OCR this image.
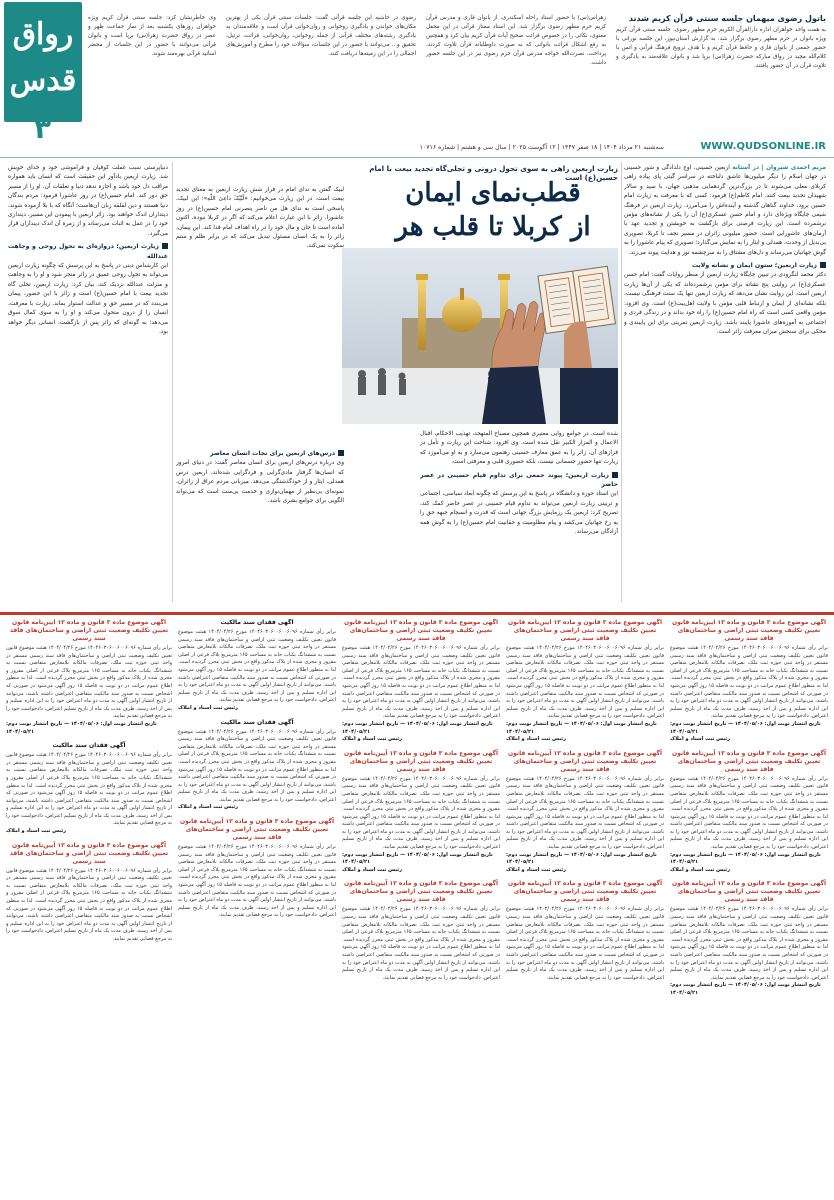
رواق
قدس
۳
باتول رضوی میهمان جلسه سنتی قرآن کریم شدند
به همت واحد خواهران اداره دارالقرآن الکریم حرم مطهر رضوی، جلسه سنتی قرآن کریم ویژه بانوان در حرم مطهر رضوی برگزار شد. به گزارش آستان‌نیوز، این جلسه نورانی با حضور جمعی از بانوان قاری و حافظ قرآن کریم و با هدف ترویج فرهنگ قرآنی و انس با کلام‌الله مجید در رواق مبارکه حضرت زهرا(س) برپا شد و بانوان علاقه‌مند به یادگیری و تلاوت قرآن در آن حضور یافتند.
زهراس(س) با حضور استاد راحله اسکندری، از بانوان قاری و مدرس قرآن کریم حرم مطهر رضوی برگزار شد. این استاد ممتاز قرآنی در این محفل معنوی، نکاتی را در خصوص قرائت صحیح آیات قرآن کریم بیان کرد و همچنین به رفع اشکال قرائت بانوانی که به صورت داوطلبانه قرآن تلاوت کردند، پرداخت. نصرت‌الله خواجه مدرس قرآن حرم رضوی نیز در این جلسه حضور داشت.
رضوی در حاشیه این جلسه قرآنی گفت: جلسات سنتی قرآن یکی از بهترین مکان‌های خواندن و یادگیری روخوانی و روان‌خوانی قرآن است و علاقه‌مندان به یادگیری رشته‌های مختلف قرآنی از جمله روخوانی، روان‌خوانی، قرائت، ترتیل، تحقیق و... می‌توانند با حضور در این جلسات، سؤالات خود را مطرح و آموزش‌های اجمالی را در این زمینه‌ها دریافت کنند.
وی خاطرنشان کرد: جلسه سنتی قرآن کریم ویژه خواهران روزهای یکشنبه بعد از نماز جماعت ظهر و عصر در رواق حضرت زهرا(س) برپا است و بانوان قرآنی می‌توانند با حضور در این جلسات از محضر اساتید قرآنی بهره‌مند شوند.
WWW.QUDSONLINE.IR
سه‌شنبه ۲۱ مرداد ۱۴۰۴ | ۱۸ صفر ۱۴۴۷ | ۱۲ آگوست ۲۰۲۵ | سال سی و هشتم | شماره ۱۰۷۱۶
مریم احمدی شیروان | در آستانه اربعین حسینی، اوج دلدادگی و شور حسینی در جهان اسلام را دیگر میلیون‌ها عاشق دلباخته در سراسر گیتی پای پیاده راهی کربلای معلی می‌شوند تا در بزرگ‌ترین گردهمایی مذهبی جهان، با سید و سالار شهیدان تجدید بیعت کنند. امام کاظم(ع) فرمود: کسی که با معرفت به زیارت امام حسین برود، خداوند گناهان گذشته و آینده‌اش را می‌آمرزد. زیارت اربعین در فرهنگ شیعی جایگاه ویژه‌ای دارد و امام حسن عسکری(ع) آن را یکی از نشانه‌های مؤمن برشمرده است. این زیارت فرصتی برای بازگشت به خویشتن و تجدید عهد با آرمان‌های عاشورایی است. حضور میلیونی زائران در مسیر نجف تا کربلا، تصویری بی‌بدیل از وحدت، همدلی و ایثار را به نمایش می‌گذارد؛ تصویری که پیام عاشورا را به گوش جهانیان می‌رساند و دل‌های مشتاق را به سرچشمه نور و هدایت پیوند می‌زند.
زیارت اربعین؛ ستون ایمان و نشانه ولایت
دکتر محمد لنگرودی در تبیین جایگاه زیارت اربعین از منظر روایات گفت: امام حسن عسکری(ع) در روایتی پنج نشانه برای مؤمن برشمرده‌اند که یکی از آن‌ها زیارت اربعین است. این روایت نشان می‌دهد که زیارت اربعین تنها یک سنت فرهنگی نیست، بلکه نشانه‌ای از ایمان و ارتباط قلبی مؤمن با ولایت اهل‌بیت(ع) است. وی افزود: مؤمن واقعی کسی است که راه امام حسین(ع) را راه خود بداند و در زندگی فردی و اجتماعی به آموزه‌های عاشورا پایبند باشد. زیارت اربعین تمرینی برای این پایبندی و محکی برای سنجش میزان معرفت زائر است.
زیارت اربعین راهی به سوی تحول درونی و تجلی‌گاه تجدید بیعت با امام حسین(ع) است
قطب‌نمای ایمان
از کربلا تا قلب هر
لبیک گفتن به ندای امام در فراز شش زیارت اربعین به معنای تجدید بیعت است. در این زیارت می‌خوانیم: «لَبَّیْکَ داعِیَ اللّهِ»؛ این لبیک، پاسخی است به ندای هل من ناصر ینصرنی امام حسین(ع) در روز عاشورا. زائر با این عبارت اعلام می‌کند که اگر در کربلا نبوده، اکنون آماده است تا جان و مال خود را در راه اهداف امام فدا کند. این پیمان، زائر را به یک انسان مسئول تبدیل می‌کند که در برابر ظلم و ستم سکوت نمی‌کند.
دنیاپرستی سبب غفلت کوفیان و فراموشی خود و خدای خویش شد. زیارت اربعین یادآور این حقیقت است که انسان باید همواره مراقب دل خود باشد و اجازه ندهد دنیا و تعلقات آن، او را از مسیر حق دور کند. امام حسین(ع) در روز عاشورا فرمود: مردم بندگان دنیا هستند و دین لقلقه زبان آن‌هاست؛ آنگاه که با بلا آزموده شوند، دینداران اندک خواهند بود. زائر اربعین با پیمودن این مسیر، دینداری خود را در عمل به اثبات می‌رساند و از زمره آن اندک دینداران قرار می‌گیرد.
زیارت اربعین؛ دروازه‌ای به تحول روحی و وجاهت عندالله
این کارشناس دینی در پاسخ به این پرسش که چگونه زیارت اربعین می‌تواند به تحول روحی عمیق در زائر منجر شود و او را به وجاهت و منزلت عندالله نزدیک کند، بیان کرد: زیارت اربعین، تجلی گاه تجدید بیعت با امام حسین(ع) است و زائر با این حضور، پیمان می‌بندد که در مسیر حق و عدالت استوار بماند. زیارت با معرفت، انسان را از درون متحول می‌کند و او را به سوی کمال سوق می‌دهد؛ به گونه‌ای که زائر پس از بازگشت، انسانی دیگر خواهد بود.
شده است. در جوامع روایی معتبری همچون مصباح المتهجد، تهذیب الاحکام، اقبال الاعمال و المزار الکبیر نقل شده است. وی افزود: شناخت این زیارت و تأمل در فرازهای آن، زائر را به عمق معارف حسینی رهنمون می‌سازد و به او می‌آموزد که زیارت تنها حضور جسمانی نیست، بلکه حضوری قلبی و معرفتی است.
زیارت اربعین؛ پیوند جمعی برای تداوم قیام حسینی در عصر حاضر
این استاد حوزه و دانشگاه در پاسخ به این پرسش که چگونه ابعاد سیاسی، اجتماعی و تربیتی زیارت اربعین می‌تواند به تداوم قیام حسینی در عصر حاضر کمک کند، تصریح کرد: اربعین یک رزمایش بزرگ جهانی است که قدرت و انسجام جبهه حق را به رخ جهانیان می‌کشد و پیام مظلومیت و حقانیت امام حسین(ع) را به گوش همه آزادگان می‌رساند.
درس‌های اربعین برای نجات انسان معاصر
وی درباره درس‌های اربعین برای انسان معاصر گفت: در دنیای امروز که انسان‌ها گرفتار مادی‌گرایی و فردگرایی شده‌اند، اربعین درس همدلی، ایثار و از خودگذشتگی می‌دهد. میزبانی مردم عراق از زائران، نمونه‌ای بی‌نظیر از مهمان‌نوازی و خدمت بی‌منت است که می‌تواند الگویی برای جوامع بشری باشد.
آگهی موضوع ماده ۳ قانون و ماده ۱۳ آیین‌نامه قانون تعیین تکلیف وضعیت ثبتی اراضی و ساختمان‌های فاقد سند رسمی
برابر رأی شماره ۱۴۰۴۶۰۳۰۶۰۰۶۰۰۶۰۹۶ مورخ ۱۴۰۴/۰۴/۲۶ هیئت موضوع قانون تعیین تکلیف وضعیت ثبتی اراضی و ساختمان‌های فاقد سند رسمی مستقر در واحد ثبتی حوزه ثبت ملک، تصرفات مالکانه بلامعارض متقاضی نسبت به ششدانگ یکباب خانه به مساحت ۱۶۵ مترمربع پلاک فرعی از اصلی مفروز و مجزی شده از پلاک مذکور واقع در بخش ثبتی محرز گردیده است. لذا به منظور اطلاع عموم مراتب در دو نوبت به فاصله ۱۵ روز آگهی می‌شود در صورتی که اشخاص نسبت به صدور سند مالکیت متقاضی اعتراضی داشته باشند، می‌توانند از تاریخ انتشار اولین آگهی به مدت دو ماه اعتراض خود را به این اداره تسلیم و پس از اخذ رسید، ظرف مدت یک ماه از تاریخ تسلیم اعتراض، دادخواست خود را به مرجع قضایی تقدیم نمایند.
تاریخ انتشار نوبت اول: ۱۴۰۴/۰۵/۰۶ — تاریخ انتشار نوبت دوم: ۱۴۰۴/۰۵/۲۱
رئیس ثبت اسناد و املاک
آگهی موضوع ماده ۳ قانون و ماده ۱۳ آیین‌نامه قانون تعیین تکلیف وضعیت ثبتی اراضی و ساختمان‌های فاقد سند رسمی
برابر رأی شماره ۱۴۰۴۶۰۳۰۶۰۰۶۰۰۶۰۹۶ مورخ ۱۴۰۴/۰۴/۲۶ هیئت موضوع قانون تعیین تکلیف وضعیت ثبتی اراضی و ساختمان‌های فاقد سند رسمی مستقر در واحد ثبتی حوزه ثبت ملک، تصرفات مالکانه بلامعارض متقاضی نسبت به ششدانگ یکباب خانه به مساحت ۱۶۵ مترمربع پلاک فرعی از اصلی مفروز و مجزی شده از پلاک مذکور واقع در بخش ثبتی محرز گردیده است. لذا به منظور اطلاع عموم مراتب در دو نوبت به فاصله ۱۵ روز آگهی می‌شود در صورتی که اشخاص نسبت به صدور سند مالکیت متقاضی اعتراضی داشته باشند، می‌توانند از تاریخ انتشار اولین آگهی به مدت دو ماه اعتراض خود را به این اداره تسلیم و پس از اخذ رسید، ظرف مدت یک ماه از تاریخ تسلیم اعتراض، دادخواست خود را به مرجع قضایی تقدیم نمایند.
تاریخ انتشار نوبت اول: ۱۴۰۴/۰۵/۰۶ — تاریخ انتشار نوبت دوم: ۱۴۰۴/۰۵/۲۱
رئیس ثبت اسناد و املاک
آگهی موضوع ماده ۳ قانون و ماده ۱۳ آیین‌نامه قانون تعیین تکلیف وضعیت ثبتی اراضی و ساختمان‌های فاقد سند رسمی
برابر رأی شماره ۱۴۰۴۶۰۳۰۶۰۰۶۰۰۶۰۹۶ مورخ ۱۴۰۴/۰۴/۲۶ هیئت موضوع قانون تعیین تکلیف وضعیت ثبتی اراضی و ساختمان‌های فاقد سند رسمی مستقر در واحد ثبتی حوزه ثبت ملک، تصرفات مالکانه بلامعارض متقاضی نسبت به ششدانگ یکباب خانه به مساحت ۱۶۵ مترمربع پلاک فرعی از اصلی مفروز و مجزی شده از پلاک مذکور واقع در بخش ثبتی محرز گردیده است. لذا به منظور اطلاع عموم مراتب در دو نوبت به فاصله ۱۵ روز آگهی می‌شود در صورتی که اشخاص نسبت به صدور سند مالکیت متقاضی اعتراضی داشته باشند، می‌توانند از تاریخ انتشار اولین آگهی به مدت دو ماه اعتراض خود را به این اداره تسلیم و پس از اخذ رسید، ظرف مدت یک ماه از تاریخ تسلیم اعتراض، دادخواست خود را به مرجع قضایی تقدیم نمایند.
تاریخ انتشار نوبت اول: ۱۴۰۴/۰۵/۰۶ — تاریخ انتشار نوبت دوم: ۱۴۰۴/۰۵/۲۱
آگهی موضوع ماده ۳ قانون و ماده ۱۳ آیین‌نامه قانون تعیین تکلیف وضعیت ثبتی اراضی و ساختمان‌های فاقد سند رسمی
برابر رأی شماره ۱۴۰۴۶۰۳۰۶۰۰۶۰۰۶۰۹۶ مورخ ۱۴۰۴/۰۴/۲۶ هیئت موضوع قانون تعیین تکلیف وضعیت ثبتی اراضی و ساختمان‌های فاقد سند رسمی مستقر در واحد ثبتی حوزه ثبت ملک، تصرفات مالکانه بلامعارض متقاضی نسبت به ششدانگ یکباب خانه به مساحت ۱۶۵ مترمربع پلاک فرعی از اصلی مفروز و مجزی شده از پلاک مذکور واقع در بخش ثبتی محرز گردیده است. لذا به منظور اطلاع عموم مراتب در دو نوبت به فاصله ۱۵ روز آگهی می‌شود در صورتی که اشخاص نسبت به صدور سند مالکیت متقاضی اعتراضی داشته باشند، می‌توانند از تاریخ انتشار اولین آگهی به مدت دو ماه اعتراض خود را به این اداره تسلیم و پس از اخذ رسید، ظرف مدت یک ماه از تاریخ تسلیم اعتراض، دادخواست خود را به مرجع قضایی تقدیم نمایند.
تاریخ انتشار نوبت اول: ۱۴۰۴/۰۵/۰۶ — تاریخ انتشار نوبت دوم: ۱۴۰۴/۰۵/۲۱
رئیس ثبت اسناد و املاک
آگهی موضوع ماده ۳ قانون و ماده ۱۳ آیین‌نامه قانون تعیین تکلیف وضعیت ثبتی اراضی و ساختمان‌های فاقد سند رسمی
برابر رأی شماره ۱۴۰۴۶۰۳۰۶۰۰۶۰۰۶۰۹۶ مورخ ۱۴۰۴/۰۴/۲۶ هیئت موضوع قانون تعیین تکلیف وضعیت ثبتی اراضی و ساختمان‌های فاقد سند رسمی مستقر در واحد ثبتی حوزه ثبت ملک، تصرفات مالکانه بلامعارض متقاضی نسبت به ششدانگ یکباب خانه به مساحت ۱۶۵ مترمربع پلاک فرعی از اصلی مفروز و مجزی شده از پلاک مذکور واقع در بخش ثبتی محرز گردیده است. لذا به منظور اطلاع عموم مراتب در دو نوبت به فاصله ۱۵ روز آگهی می‌شود در صورتی که اشخاص نسبت به صدور سند مالکیت متقاضی اعتراضی داشته باشند، می‌توانند از تاریخ انتشار اولین آگهی به مدت دو ماه اعتراض خود را به این اداره تسلیم و پس از اخذ رسید، ظرف مدت یک ماه از تاریخ تسلیم اعتراض، دادخواست خود را به مرجع قضایی تقدیم نمایند.
تاریخ انتشار نوبت اول: ۱۴۰۴/۰۵/۰۶ — تاریخ انتشار نوبت دوم: ۱۴۰۴/۰۵/۲۱
رئیس ثبت اسناد و املاک
آگهی موضوع ماده ۳ قانون و ماده ۱۳ آیین‌نامه قانون تعیین تکلیف وضعیت ثبتی اراضی و ساختمان‌های فاقد سند رسمی
برابر رأی شماره ۱۴۰۴۶۰۳۰۶۰۰۶۰۰۶۰۹۶ مورخ ۱۴۰۴/۰۴/۲۶ هیئت موضوع قانون تعیین تکلیف وضعیت ثبتی اراضی و ساختمان‌های فاقد سند رسمی مستقر در واحد ثبتی حوزه ثبت ملک، تصرفات مالکانه بلامعارض متقاضی نسبت به ششدانگ یکباب خانه به مساحت ۱۶۵ مترمربع پلاک فرعی از اصلی مفروز و مجزی شده از پلاک مذکور واقع در بخش ثبتی محرز گردیده است. لذا به منظور اطلاع عموم مراتب در دو نوبت به فاصله ۱۵ روز آگهی می‌شود در صورتی که اشخاص نسبت به صدور سند مالکیت متقاضی اعتراضی داشته باشند، می‌توانند از تاریخ انتشار اولین آگهی به مدت دو ماه اعتراض خود را به این اداره تسلیم و پس از اخذ رسید، ظرف مدت یک ماه از تاریخ تسلیم اعتراض، دادخواست خود را به مرجع قضایی تقدیم نمایند.
آگهی موضوع ماده ۳ قانون و ماده ۱۳ آیین‌نامه قانون تعیین تکلیف وضعیت ثبتی اراضی و ساختمان‌های فاقد سند رسمی
برابر رأی شماره ۱۴۰۴۶۰۳۰۶۰۰۶۰۰۶۰۹۶ مورخ ۱۴۰۴/۰۴/۲۶ هیئت موضوع قانون تعیین تکلیف وضعیت ثبتی اراضی و ساختمان‌های فاقد سند رسمی مستقر در واحد ثبتی حوزه ثبت ملک، تصرفات مالکانه بلامعارض متقاضی نسبت به ششدانگ یکباب خانه به مساحت ۱۶۵ مترمربع پلاک فرعی از اصلی مفروز و مجزی شده از پلاک مذکور واقع در بخش ثبتی محرز گردیده است. لذا به منظور اطلاع عموم مراتب در دو نوبت به فاصله ۱۵ روز آگهی می‌شود در صورتی که اشخاص نسبت به صدور سند مالکیت متقاضی اعتراضی داشته باشند، می‌توانند از تاریخ انتشار اولین آگهی به مدت دو ماه اعتراض خود را به این اداره تسلیم و پس از اخذ رسید، ظرف مدت یک ماه از تاریخ تسلیم اعتراض، دادخواست خود را به مرجع قضایی تقدیم نمایند.
تاریخ انتشار نوبت اول: ۱۴۰۴/۰۵/۰۶ — تاریخ انتشار نوبت دوم: ۱۴۰۴/۰۵/۲۱
رئیس ثبت اسناد و املاک
آگهی موضوع ماده ۳ قانون و ماده ۱۳ آیین‌نامه قانون تعیین تکلیف وضعیت ثبتی اراضی و ساختمان‌های فاقد سند رسمی
برابر رأی شماره ۱۴۰۴۶۰۳۰۶۰۰۶۰۰۶۰۹۶ مورخ ۱۴۰۴/۰۴/۲۶ هیئت موضوع قانون تعیین تکلیف وضعیت ثبتی اراضی و ساختمان‌های فاقد سند رسمی مستقر در واحد ثبتی حوزه ثبت ملک، تصرفات مالکانه بلامعارض متقاضی نسبت به ششدانگ یکباب خانه به مساحت ۱۶۵ مترمربع پلاک فرعی از اصلی مفروز و مجزی شده از پلاک مذکور واقع در بخش ثبتی محرز گردیده است. لذا به منظور اطلاع عموم مراتب در دو نوبت به فاصله ۱۵ روز آگهی می‌شود در صورتی که اشخاص نسبت به صدور سند مالکیت متقاضی اعتراضی داشته باشند، می‌توانند از تاریخ انتشار اولین آگهی به مدت دو ماه اعتراض خود را به این اداره تسلیم و پس از اخذ رسید، ظرف مدت یک ماه از تاریخ تسلیم اعتراض، دادخواست خود را به مرجع قضایی تقدیم نمایند.
تاریخ انتشار نوبت اول: ۱۴۰۴/۰۵/۰۶ — تاریخ انتشار نوبت دوم: ۱۴۰۴/۰۵/۲۱
رئیس ثبت اسناد و املاک
آگهی موضوع ماده ۳ قانون و ماده ۱۳ آیین‌نامه قانون تعیین تکلیف وضعیت ثبتی اراضی و ساختمان‌های فاقد سند رسمی
برابر رأی شماره ۱۴۰۴۶۰۳۰۶۰۰۶۰۰۶۰۹۶ مورخ ۱۴۰۴/۰۴/۲۶ هیئت موضوع قانون تعیین تکلیف وضعیت ثبتی اراضی و ساختمان‌های فاقد سند رسمی مستقر در واحد ثبتی حوزه ثبت ملک، تصرفات مالکانه بلامعارض متقاضی نسبت به ششدانگ یکباب خانه به مساحت ۱۶۵ مترمربع پلاک فرعی از اصلی مفروز و مجزی شده از پلاک مذکور واقع در بخش ثبتی محرز گردیده است. لذا به منظور اطلاع عموم مراتب در دو نوبت به فاصله ۱۵ روز آگهی می‌شود در صورتی که اشخاص نسبت به صدور سند مالکیت متقاضی اعتراضی داشته باشند، می‌توانند از تاریخ انتشار اولین آگهی به مدت دو ماه اعتراض خود را به این اداره تسلیم و پس از اخذ رسید، ظرف مدت یک ماه از تاریخ تسلیم اعتراض، دادخواست خود را به مرجع قضایی تقدیم نمایند.
آگهی فقدان سند مالکیت
برابر رأی شماره ۱۴۰۴۶۰۳۰۶۰۰۶۰۰۶۰۹۶ مورخ ۱۴۰۴/۰۴/۲۶ هیئت موضوع قانون تعیین تکلیف وضعیت ثبتی اراضی و ساختمان‌های فاقد سند رسمی مستقر در واحد ثبتی حوزه ثبت ملک، تصرفات مالکانه بلامعارض متقاضی نسبت به ششدانگ یکباب خانه به مساحت ۱۶۵ مترمربع پلاک فرعی از اصلی مفروز و مجزی شده از پلاک مذکور واقع در بخش ثبتی محرز گردیده است. لذا به منظور اطلاع عموم مراتب در دو نوبت به فاصله ۱۵ روز آگهی می‌شود در صورتی که اشخاص نسبت به صدور سند مالکیت متقاضی اعتراضی داشته باشند، می‌توانند از تاریخ انتشار اولین آگهی به مدت دو ماه اعتراض خود را به این اداره تسلیم و پس از اخذ رسید، ظرف مدت یک ماه از تاریخ تسلیم اعتراض، دادخواست خود را به مرجع قضایی تقدیم نمایند.
رئیس ثبت اسناد و املاک
آگهی فقدان سند مالکیت
برابر رأی شماره ۱۴۰۴۶۰۳۰۶۰۰۶۰۰۶۰۹۶ مورخ ۱۴۰۴/۰۴/۲۶ هیئت موضوع قانون تعیین تکلیف وضعیت ثبتی اراضی و ساختمان‌های فاقد سند رسمی مستقر در واحد ثبتی حوزه ثبت ملک، تصرفات مالکانه بلامعارض متقاضی نسبت به ششدانگ یکباب خانه به مساحت ۱۶۵ مترمربع پلاک فرعی از اصلی مفروز و مجزی شده از پلاک مذکور واقع در بخش ثبتی محرز گردیده است. لذا به منظور اطلاع عموم مراتب در دو نوبت به فاصله ۱۵ روز آگهی می‌شود در صورتی که اشخاص نسبت به صدور سند مالکیت متقاضی اعتراضی داشته باشند، می‌توانند از تاریخ انتشار اولین آگهی به مدت دو ماه اعتراض خود را به این اداره تسلیم و پس از اخذ رسید، ظرف مدت یک ماه از تاریخ تسلیم اعتراض، دادخواست خود را به مرجع قضایی تقدیم نمایند.
رئیس ثبت اسناد و املاک
آگهی موضوع ماده ۳ قانون و ماده ۱۳ آیین‌نامه قانون تعیین تکلیف وضعیت ثبتی اراضی و ساختمان‌های فاقد سند رسمی
برابر رأی شماره ۱۴۰۴۶۰۳۰۶۰۰۶۰۰۶۰۹۶ مورخ ۱۴۰۴/۰۴/۲۶ هیئت موضوع قانون تعیین تکلیف وضعیت ثبتی اراضی و ساختمان‌های فاقد سند رسمی مستقر در واحد ثبتی حوزه ثبت ملک، تصرفات مالکانه بلامعارض متقاضی نسبت به ششدانگ یکباب خانه به مساحت ۱۶۵ مترمربع پلاک فرعی از اصلی مفروز و مجزی شده از پلاک مذکور واقع در بخش ثبتی محرز گردیده است. لذا به منظور اطلاع عموم مراتب در دو نوبت به فاصله ۱۵ روز آگهی می‌شود در صورتی که اشخاص نسبت به صدور سند مالکیت متقاضی اعتراضی داشته باشند، می‌توانند از تاریخ انتشار اولین آگهی به مدت دو ماه اعتراض خود را به این اداره تسلیم و پس از اخذ رسید، ظرف مدت یک ماه از تاریخ تسلیم اعتراض، دادخواست خود را به مرجع قضایی تقدیم نمایند.
آگهی موضوع ماده ۳ قانون و ماده ۱۳ آیین‌نامه قانون تعیین تکلیف وضعیت ثبتی اراضی و ساختمان‌های فاقد سند رسمی
برابر رأی شماره ۱۴۰۴۶۰۳۰۶۰۰۶۰۰۶۰۹۶ مورخ ۱۴۰۴/۰۴/۲۶ هیئت موضوع قانون تعیین تکلیف وضعیت ثبتی اراضی و ساختمان‌های فاقد سند رسمی مستقر در واحد ثبتی حوزه ثبت ملک، تصرفات مالکانه بلامعارض متقاضی نسبت به ششدانگ یکباب خانه به مساحت ۱۶۵ مترمربع پلاک فرعی از اصلی مفروز و مجزی شده از پلاک مذکور واقع در بخش ثبتی محرز گردیده است. لذا به منظور اطلاع عموم مراتب در دو نوبت به فاصله ۱۵ روز آگهی می‌شود در صورتی که اشخاص نسبت به صدور سند مالکیت متقاضی اعتراضی داشته باشند، می‌توانند از تاریخ انتشار اولین آگهی به مدت دو ماه اعتراض خود را به این اداره تسلیم و پس از اخذ رسید، ظرف مدت یک ماه از تاریخ تسلیم اعتراض، دادخواست خود را به مرجع قضایی تقدیم نمایند.
تاریخ انتشار نوبت اول: ۱۴۰۴/۰۵/۰۶ — تاریخ انتشار نوبت دوم: ۱۴۰۴/۰۵/۲۱
آگهی فقدان سند مالکیت
برابر رأی شماره ۱۴۰۴۶۰۳۰۶۰۰۶۰۰۶۰۹۶ مورخ ۱۴۰۴/۰۴/۲۶ هیئت موضوع قانون تعیین تکلیف وضعیت ثبتی اراضی و ساختمان‌های فاقد سند رسمی مستقر در واحد ثبتی حوزه ثبت ملک، تصرفات مالکانه بلامعارض متقاضی نسبت به ششدانگ یکباب خانه به مساحت ۱۶۵ مترمربع پلاک فرعی از اصلی مفروز و مجزی شده از پلاک مذکور واقع در بخش ثبتی محرز گردیده است. لذا به منظور اطلاع عموم مراتب در دو نوبت به فاصله ۱۵ روز آگهی می‌شود در صورتی که اشخاص نسبت به صدور سند مالکیت متقاضی اعتراضی داشته باشند، می‌توانند از تاریخ انتشار اولین آگهی به مدت دو ماه اعتراض خود را به این اداره تسلیم و پس از اخذ رسید، ظرف مدت یک ماه از تاریخ تسلیم اعتراض، دادخواست خود را به مرجع قضایی تقدیم نمایند.
رئیس ثبت اسناد و املاک
آگهی موضوع ماده ۳ قانون و ماده ۱۳ آیین‌نامه قانون تعیین تکلیف وضعیت ثبتی اراضی و ساختمان‌های فاقد سند رسمی
برابر رأی شماره ۱۴۰۴۶۰۳۰۶۰۰۶۰۰۶۰۹۶ مورخ ۱۴۰۴/۰۴/۲۶ هیئت موضوع قانون تعیین تکلیف وضعیت ثبتی اراضی و ساختمان‌های فاقد سند رسمی مستقر در واحد ثبتی حوزه ثبت ملک، تصرفات مالکانه بلامعارض متقاضی نسبت به ششدانگ یکباب خانه به مساحت ۱۶۵ مترمربع پلاک فرعی از اصلی مفروز و مجزی شده از پلاک مذکور واقع در بخش ثبتی محرز گردیده است. لذا به منظور اطلاع عموم مراتب در دو نوبت به فاصله ۱۵ روز آگهی می‌شود در صورتی که اشخاص نسبت به صدور سند مالکیت متقاضی اعتراضی داشته باشند، می‌توانند از تاریخ انتشار اولین آگهی به مدت دو ماه اعتراض خود را به این اداره تسلیم و پس از اخذ رسید، ظرف مدت یک ماه از تاریخ تسلیم اعتراض، دادخواست خود را به مرجع قضایی تقدیم نمایند.
